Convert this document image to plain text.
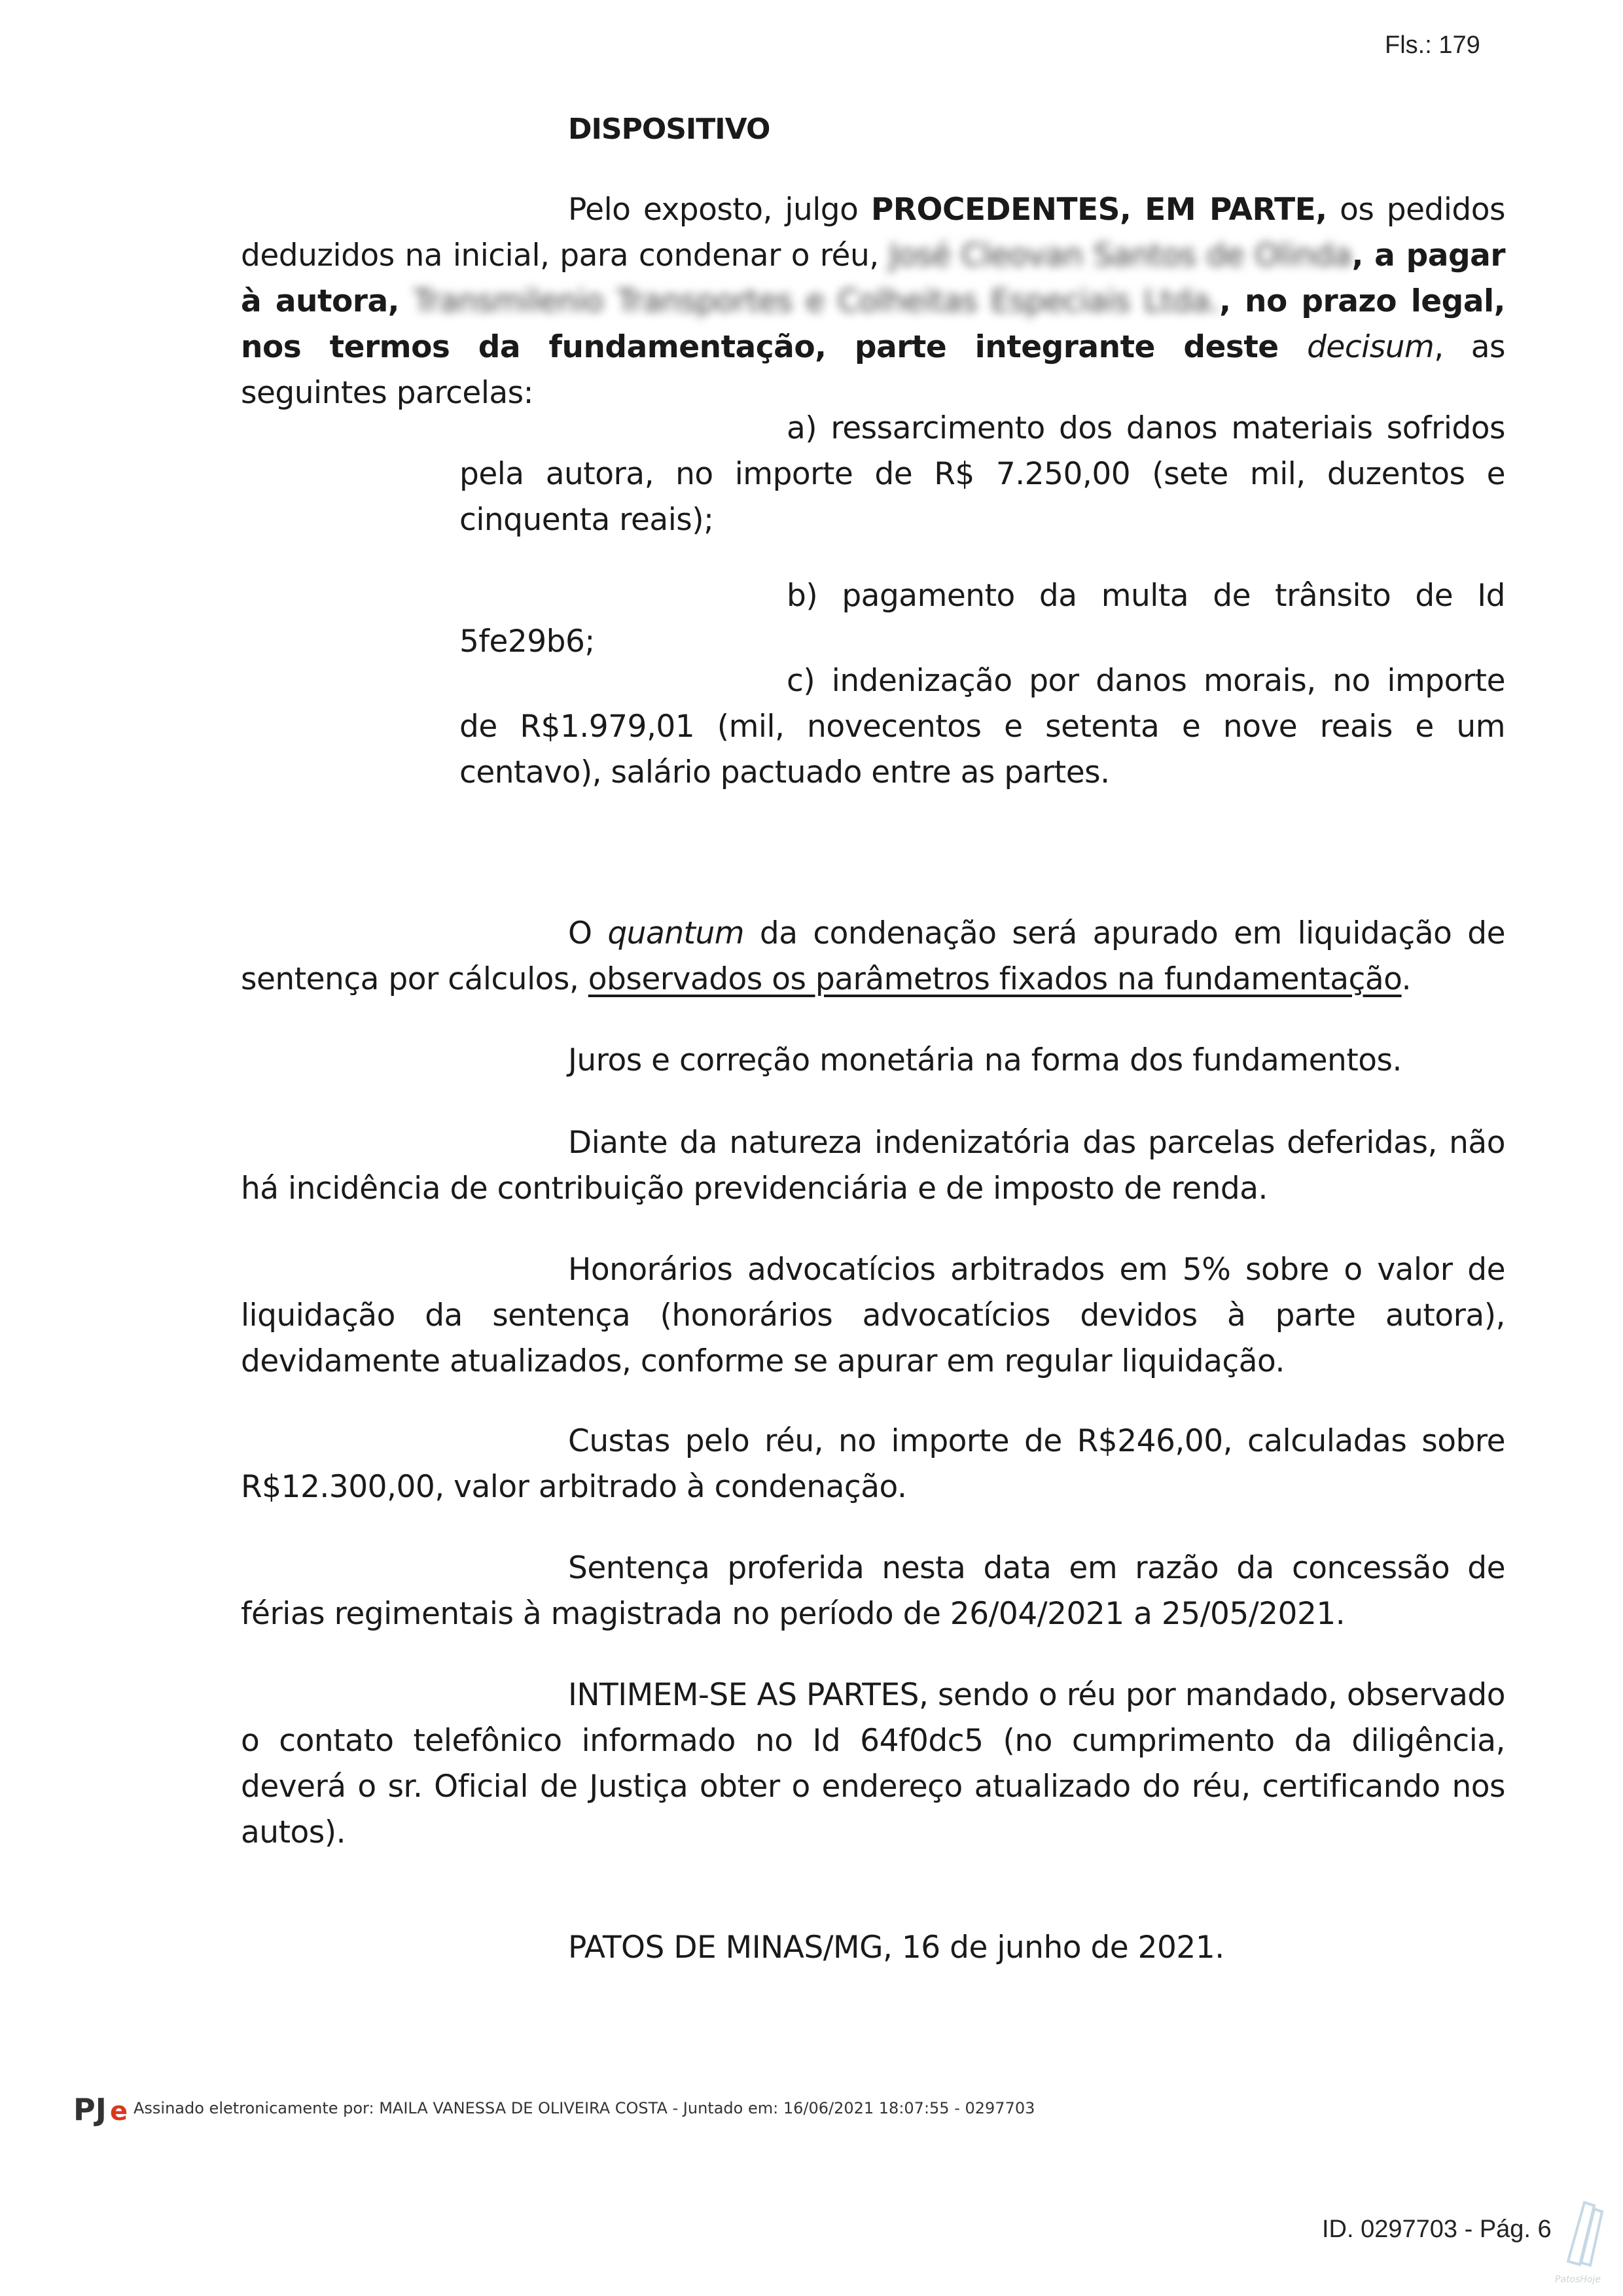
Fls.: 179
DISPOSITIVO
Pelo exposto, julgo PROCEDENTES, EM PARTE, os pedidos deduzidos na inicial, para condenar o réu, José Cleovan Santos de Olinda, a pagar à autora, Transmilenio Transportes e Colheitas Especiais Ltda., no prazo legal, nos termos da fundamentação, parte integrante deste decisum, as seguintes parcelas:
a) ressarcimento dos danos materiais sofridos pela autora, no importe de R$ 7.250,00 (sete mil, duzentos e cinquenta reais);
b) pagamento da multa de trânsito de Id 5fe29b6;
c) indenização por danos morais, no importe de R$1.979,01 (mil, novecentos e setenta e nove reais e um centavo), salário pactuado entre as partes.
O quantum da condenação será apurado em liquidação de sentença por cálculos, observados os parâmetros fixados na fundamentação.
Juros e correção monetária na forma dos fundamentos.
Diante da natureza indenizatória das parcelas deferidas, não há incidência de contribuição previdenciária e de imposto de renda.
Honorários advocatícios arbitrados em 5% sobre o valor de liquidação da sentença (honorários advocatícios devidos à parte autora), devidamente atualizados, conforme se apurar em regular liquidação.
Custas pelo réu, no importe de R$246,00, calculadas sobre R$12.300,00, valor arbitrado à condenação.
Sentença proferida nesta data em razão da concessão de férias regimentais à magistrada no período de 26/04/2021 a 25/05/2021.
INTIMEM-SE AS PARTES, sendo o réu por mandado, observado o contato telefônico informado no Id 64f0dc5 (no cumprimento da diligência, deverá o sr. Oficial de Justiça obter o endereço atualizado do réu, certificando nos autos).
PATOS DE MINAS/MG, 16 de junho de 2021.
PJ e Assinado eletronicamente por: MAILA VANESSA DE OLIVEIRA COSTA - Juntado em: 16/06/2021 18:07:55 - 0297703
ID. 0297703 - Pág. 6
PatosHoje
